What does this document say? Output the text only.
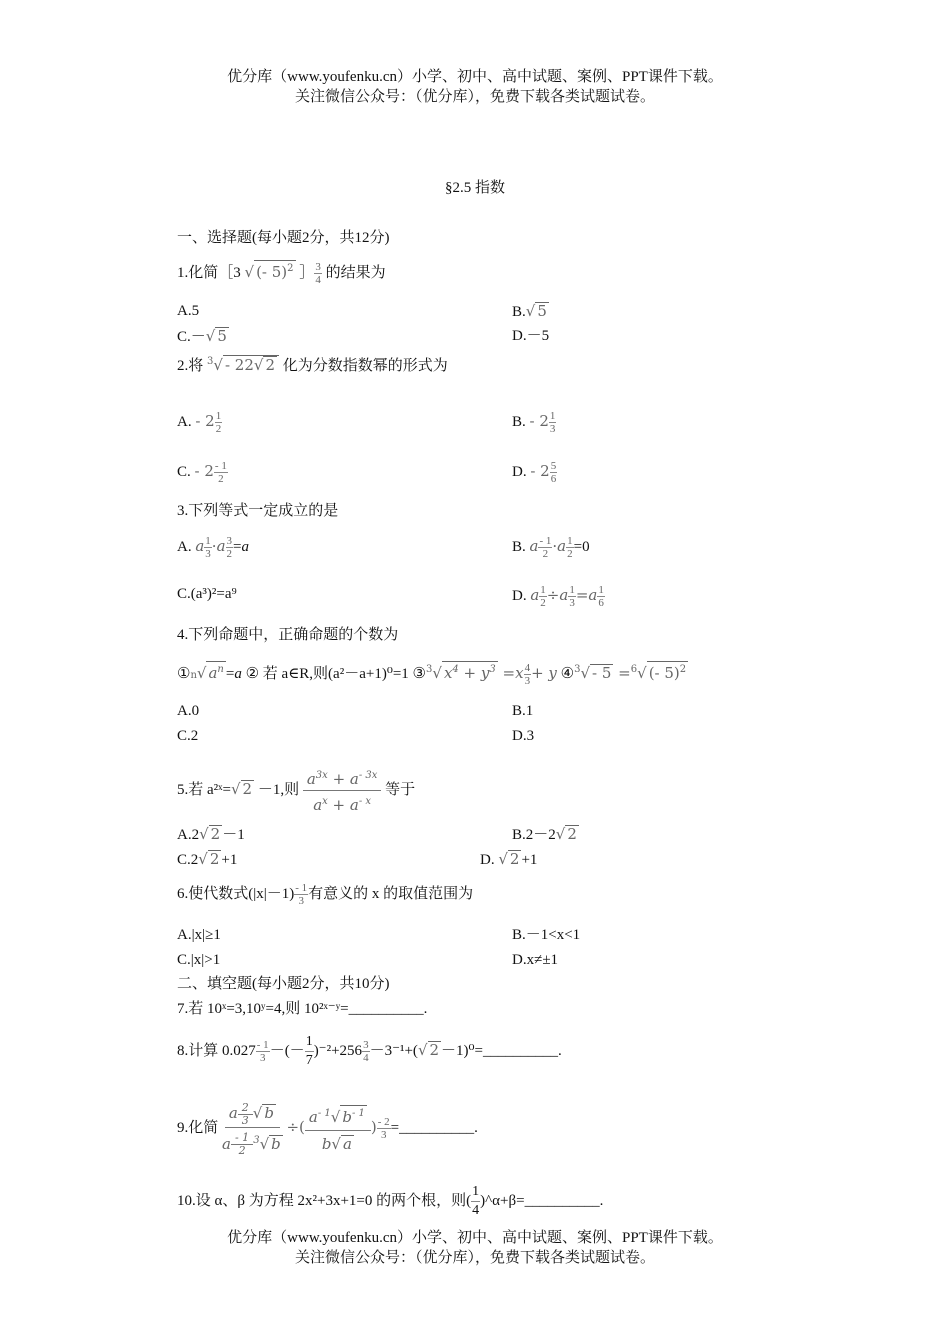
优分库（www.youfenku.cn）小学、初中、高中试题、案例、PPT课件下载。
关注微信公众号：（优分库），免费下载各类试题试卷。
§2.5 指数
一、选择题(每小题2分，共12分)
1.化简［3 √ (- 5)$^2$ ］ $\frac{3}{4}$ 的结果为
A.5	B.√ 5
C.－√ 5	D.－5
2.将 $^3$√ - 22√ 2 化为分数指数幂的形式为
A. - $2 \frac{1}{2}$	B. - $2 \frac{1}{3}$
C. - $2 \frac{- 1}{2}$	D. - $2 \frac{5}{6}$
3.下列等式一定成立的是
A. a $\frac{1}{3} \cdot a \frac{3}{2} =a$	B. a $\frac{- 1}{2} \cdot a \frac{1}{2} =0$
C.(a³)²=a⁹	D. a $\frac{1}{2} \div a \frac{1}{3} =a \frac{1}{6}$
4.下列命题中，正确命题的个数为
①n√ $a^n =a$ ② 若 a∈R,则(a²－a+1)⁰=1 ③$^3$√ $x^4 + y^3 =x \frac{4}{3} + y$ ④$^3$√ - 5 =$^6$√ (- 5)$^2$
A.0	B.1
C.2	D.3
5.若 a²ˣ=√ 2 －1,则 $\frac{a^{3x} + a^{- 3x}}{a^x + a^{- x}}$ 等于
A.2√ 2 －1	B.2－2√ 2
C.2√ 2 +1	D. √ 2 +1
6.使代数式$(|x|-1) \frac{- 1}{3}$ 有意义的 x 的取值范围为
A.|x|≥1	B.－1<x<1
C.|x|>1	D.x≠±1
二、填空题(每小题2分，共10分)
7.若 10ˣ=3,10ʸ=4,则 10²ˣ⁻ʸ=__________.
8.计算 $0.027 \frac{- 1}{3}$ －(－ $\frac{1}{7} )^{-2}+256 \frac{3}{4} -3^{-1}+(√$ 2 －1)⁰=__________.
9.化简 $\frac{a \frac{2}{3} √ b}{a \frac{- 1}{2} ^3√ b}$ ÷( $\frac{a^{- 1}√ b^{- 1}}{b√ a}$ ) $\frac{- 2}{3}$ =__________.
10.设 α、β 为方程 2x²+3x+1=0 的两个根，则( $\frac{1}{4}$ )^α+β=__________.
优分库（www.youfenku.cn）小学、初中、高中试题、案例、PPT课件下载。
关注微信公众号：（优分库），免费下载各类试题试卷。
